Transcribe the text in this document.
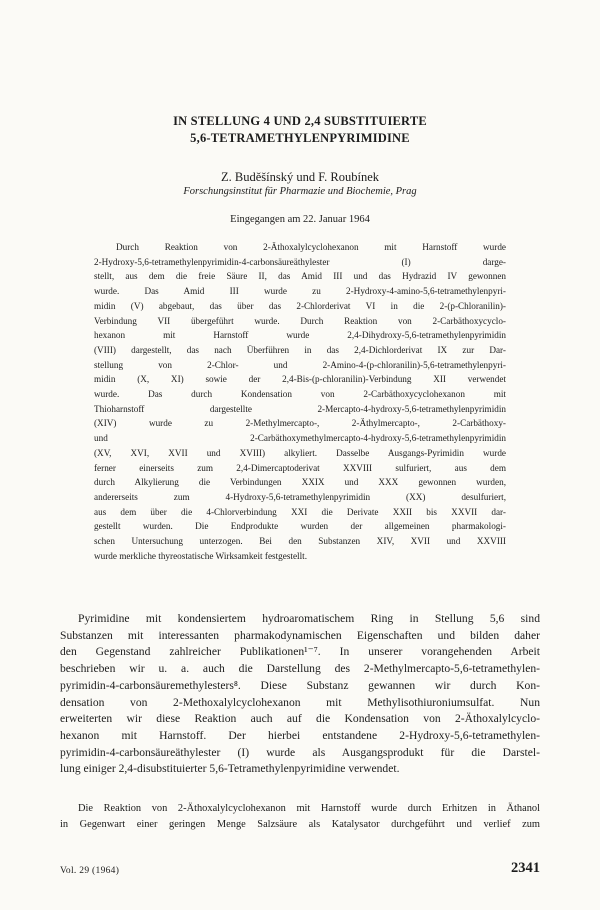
IN STELLUNG 4 UND 2,4 SUBSTITUIERTE
5,6-TETRAMETHYLENPYRIMIDINE
Z. Buděšínský und F. Roubínek
Forschungsinstitut für Pharmazie und Biochemie, Prag
Eingegangen am 22. Januar 1964
Durch Reaktion von 2-Äthoxalylcyclohexanon mit Harnstoff wurde
2-Hydroxy-5,6-tetramethylenpyrimidin-4-carbonsäureäthylester (I) darge-
stellt, aus dem die freie Säure II, das Amid III und das Hydrazid IV gewonnen
wurde. Das Amid III wurde zu 2-Hydroxy-4-amino-5,6-tetramethylenpyri-
midin (V) abgebaut, das über das 2-Chlorderivat VI in die 2-(p-Chloranilin)-
Verbindung VII übergeführt wurde. Durch Reaktion von 2-Carbäthoxycyclo-
hexanon mit Harnstoff wurde 2,4-Dihydroxy-5,6-tetramethylenpyrimidin
(VIII) dargestellt, das nach Überführen in das 2,4-Dichlorderivat IX zur Dar-
stellung von 2-Chlor- und 2-Amino-4-(p-chloranilin)-5,6-tetramethylenpyri-
midin (X, XI) sowie der 2,4-Bis-(p-chloranilin)-Verbindung XII verwendet
wurde. Das durch Kondensation von 2-Carbäthoxycyclohexanon mit
Thioharnstoff dargestellte 2-Mercapto-4-hydroxy-5,6-tetramethylenpyrimidin
(XIV) wurde zu 2-Methylmercapto-, 2-Äthylmercapto-, 2-Carbäthoxy-
und 2-Carbäthoxymethylmercapto-4-hydroxy-5,6-tetramethylenpyrimidin
(XV, XVI, XVII und XVIII) alkyliert. Dasselbe Ausgangs-Pyrimidin wurde
ferner einerseits zum 2,4-Dimercaptoderivat XXVIII sulfuriert, aus dem
durch Alkylierung die Verbindungen XXIX und XXX gewonnen wurden,
andererseits zum 4-Hydroxy-5,6-tetramethylenpyrimidin (XX) desulfuriert,
aus dem über die 4-Chlorverbindung XXI die Derivate XXII bis XXVII dar-
gestellt wurden. Die Endprodukte wurden der allgemeinen pharmakologi-
schen Untersuchung unterzogen. Bei den Substanzen XIV, XVII und XXVIII
wurde merkliche thyreostatische Wirksamkeit festgestellt.
Pyrimidine mit kondensiertem hydroaromatischem Ring in Stellung 5,6 sind
Substanzen mit interessanten pharmakodynamischen Eigenschaften und bilden daher
den Gegenstand zahlreicher Publikationen¹⁻⁷. In unserer vorangehenden Arbeit
beschrieben wir u. a. auch die Darstellung des 2-Methylmercapto-5,6-tetramethylen-
pyrimidin-4-carbonsäuremethylesters⁸. Diese Substanz gewannen wir durch Kon-
densation von 2-Methoxalylcyclohexanon mit Methylisothiuroniumsulfat. Nun
erweiterten wir diese Reaktion auch auf die Kondensation von 2-Äthoxalylcyclo-
hexanon mit Harnstoff. Der hierbei entstandene 2-Hydroxy-5,6-tetramethylen-
pyrimidin-4-carbonsäureäthylester (I) wurde als Ausgangsprodukt für die Darstel-
lung einiger 2,4-disubstituierter 5,6-Tetramethylenpyrimidine verwendet.
Die Reaktion von 2-Äthoxalylcyclohexanon mit Harnstoff wurde durch Erhitzen in Äthanol
in Gegenwart einer geringen Menge Salzsäure als Katalysator durchgeführt und verlief zum
Vol. 29 (1964)	2341
